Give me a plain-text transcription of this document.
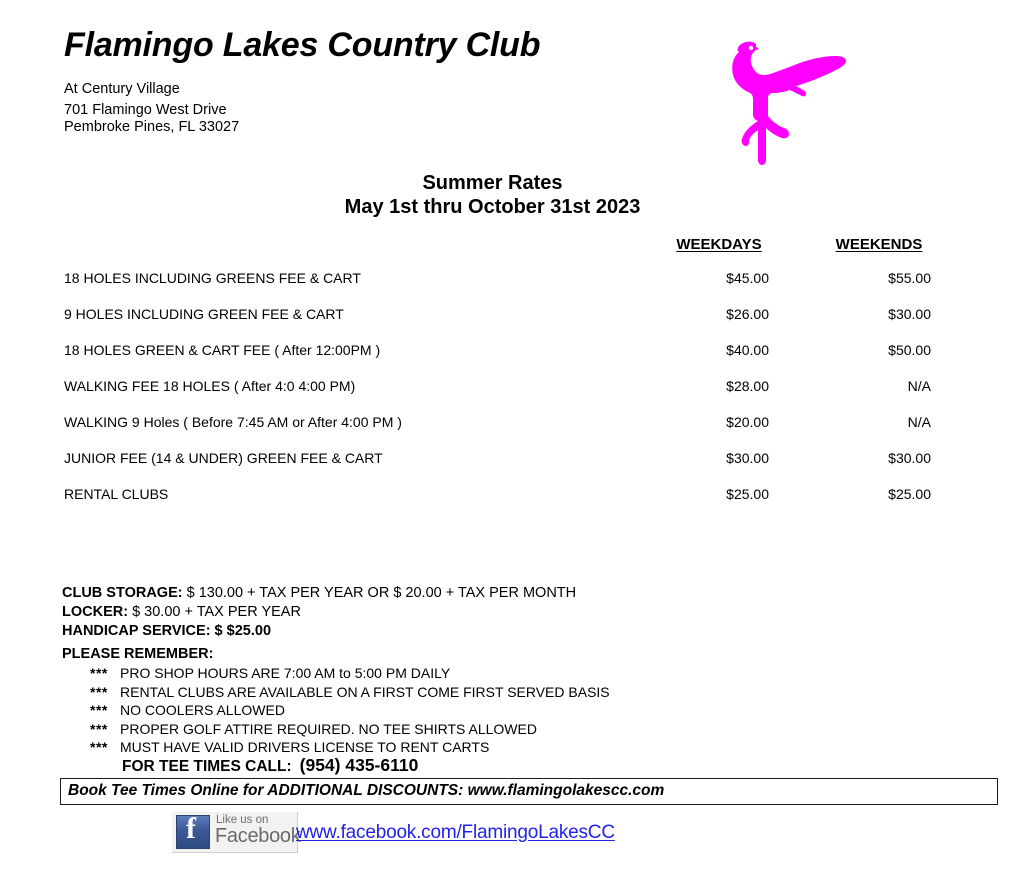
Flamingo Lakes Country Club
At Century Village
701 Flamingo West Drive
Pembroke Pines, FL 33027
Summer Rates
May 1st thru October 31st 2023
	WEEKDAYS	WEEKENDS
18 HOLES INCLUDING GREENS FEE & CART	$45.00	$55.00
9 HOLES INCLUDING GREEN FEE & CART	$26.00	$30.00
18 HOLES GREEN & CART FEE ( After 12:00PM )	$40.00	$50.00
WALKING FEE 18 HOLES ( After 4:0 4:00 PM)	$28.00	N/A
WALKING 9 Holes ( Before 7:45 AM or After 4:00 PM )	$20.00	N/A
JUNIOR FEE (14 & UNDER) GREEN FEE & CART	$30.00	$30.00
RENTAL CLUBS	$25.00	$25.00
CLUB STORAGE: $ 130.00 + TAX PER YEAR OR $ 20.00 + TAX PER MONTH
LOCKER: $ 30.00 + TAX PER YEAR
HANDICAP SERVICE: $ $25.00
PLEASE REMEMBER:
*** PRO SHOP HOURS ARE 7:00 AM to 5:00 PM DAILY
*** RENTAL CLUBS ARE AVAILABLE ON A FIRST COME FIRST SERVED BASIS
*** NO COOLERS ALLOWED
*** PROPER GOLF ATTIRE REQUIRED. NO TEE SHIRTS ALLOWED
*** MUST HAVE VALID DRIVERS LICENSE TO RENT CARTS
FOR TEE TIMES CALL: (954) 435-6110
Book Tee Times Online for ADDITIONAL DISCOUNTS: www.flamingolakescc.com
f Like us on
Facebook
www.facebook.com/FlamingoLakesCC
